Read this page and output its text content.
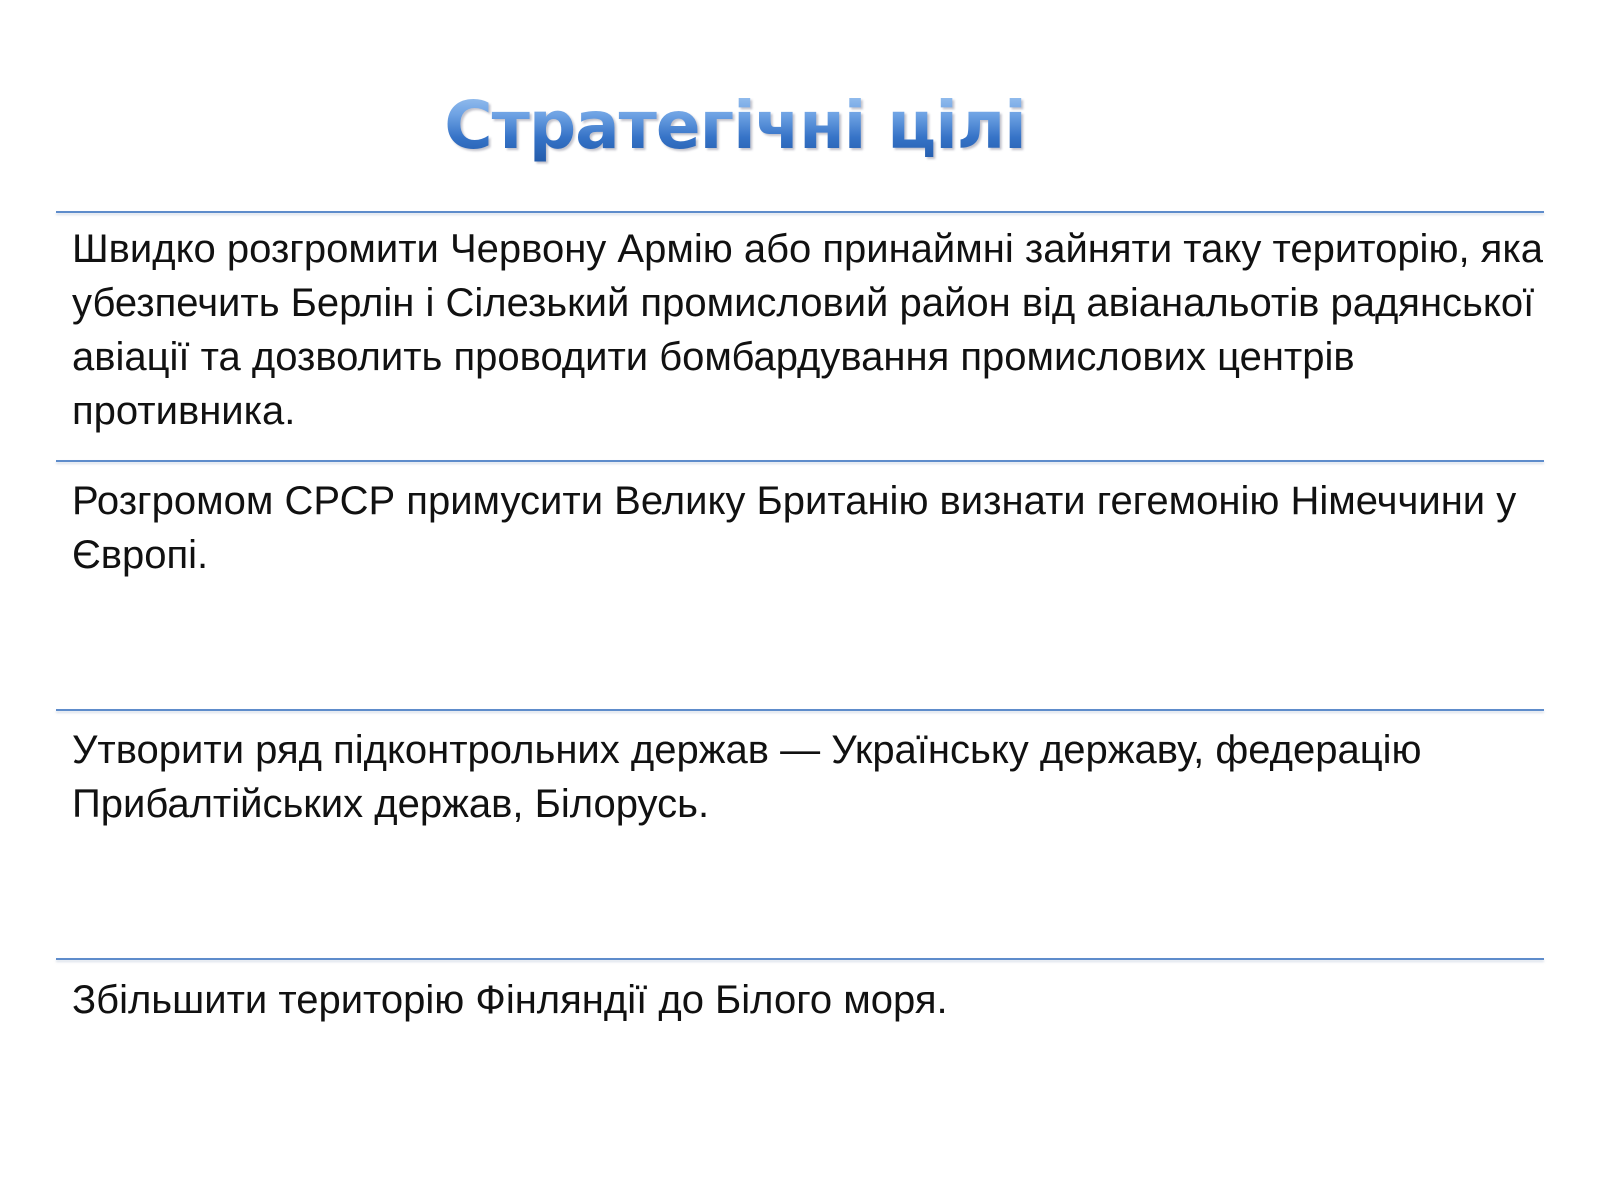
Стратегічні цілі

Швидко розгромити Червону Армію або принаймні зайняти таку територію, яка убезпечить Берлін і Сілезький промисловий район від авіанальотів радянської авіації та дозволить проводити бомбардування промислових центрів противника.

Розгромом СРСР примусити Велику Британію визнати гегемонію Німеччини у Європі.

Утворити ряд підконтрольних держав — Українську державу, федерацію Прибалтійських держав, Білорусь.

Збільшити територію Фінляндії до Білого моря.
